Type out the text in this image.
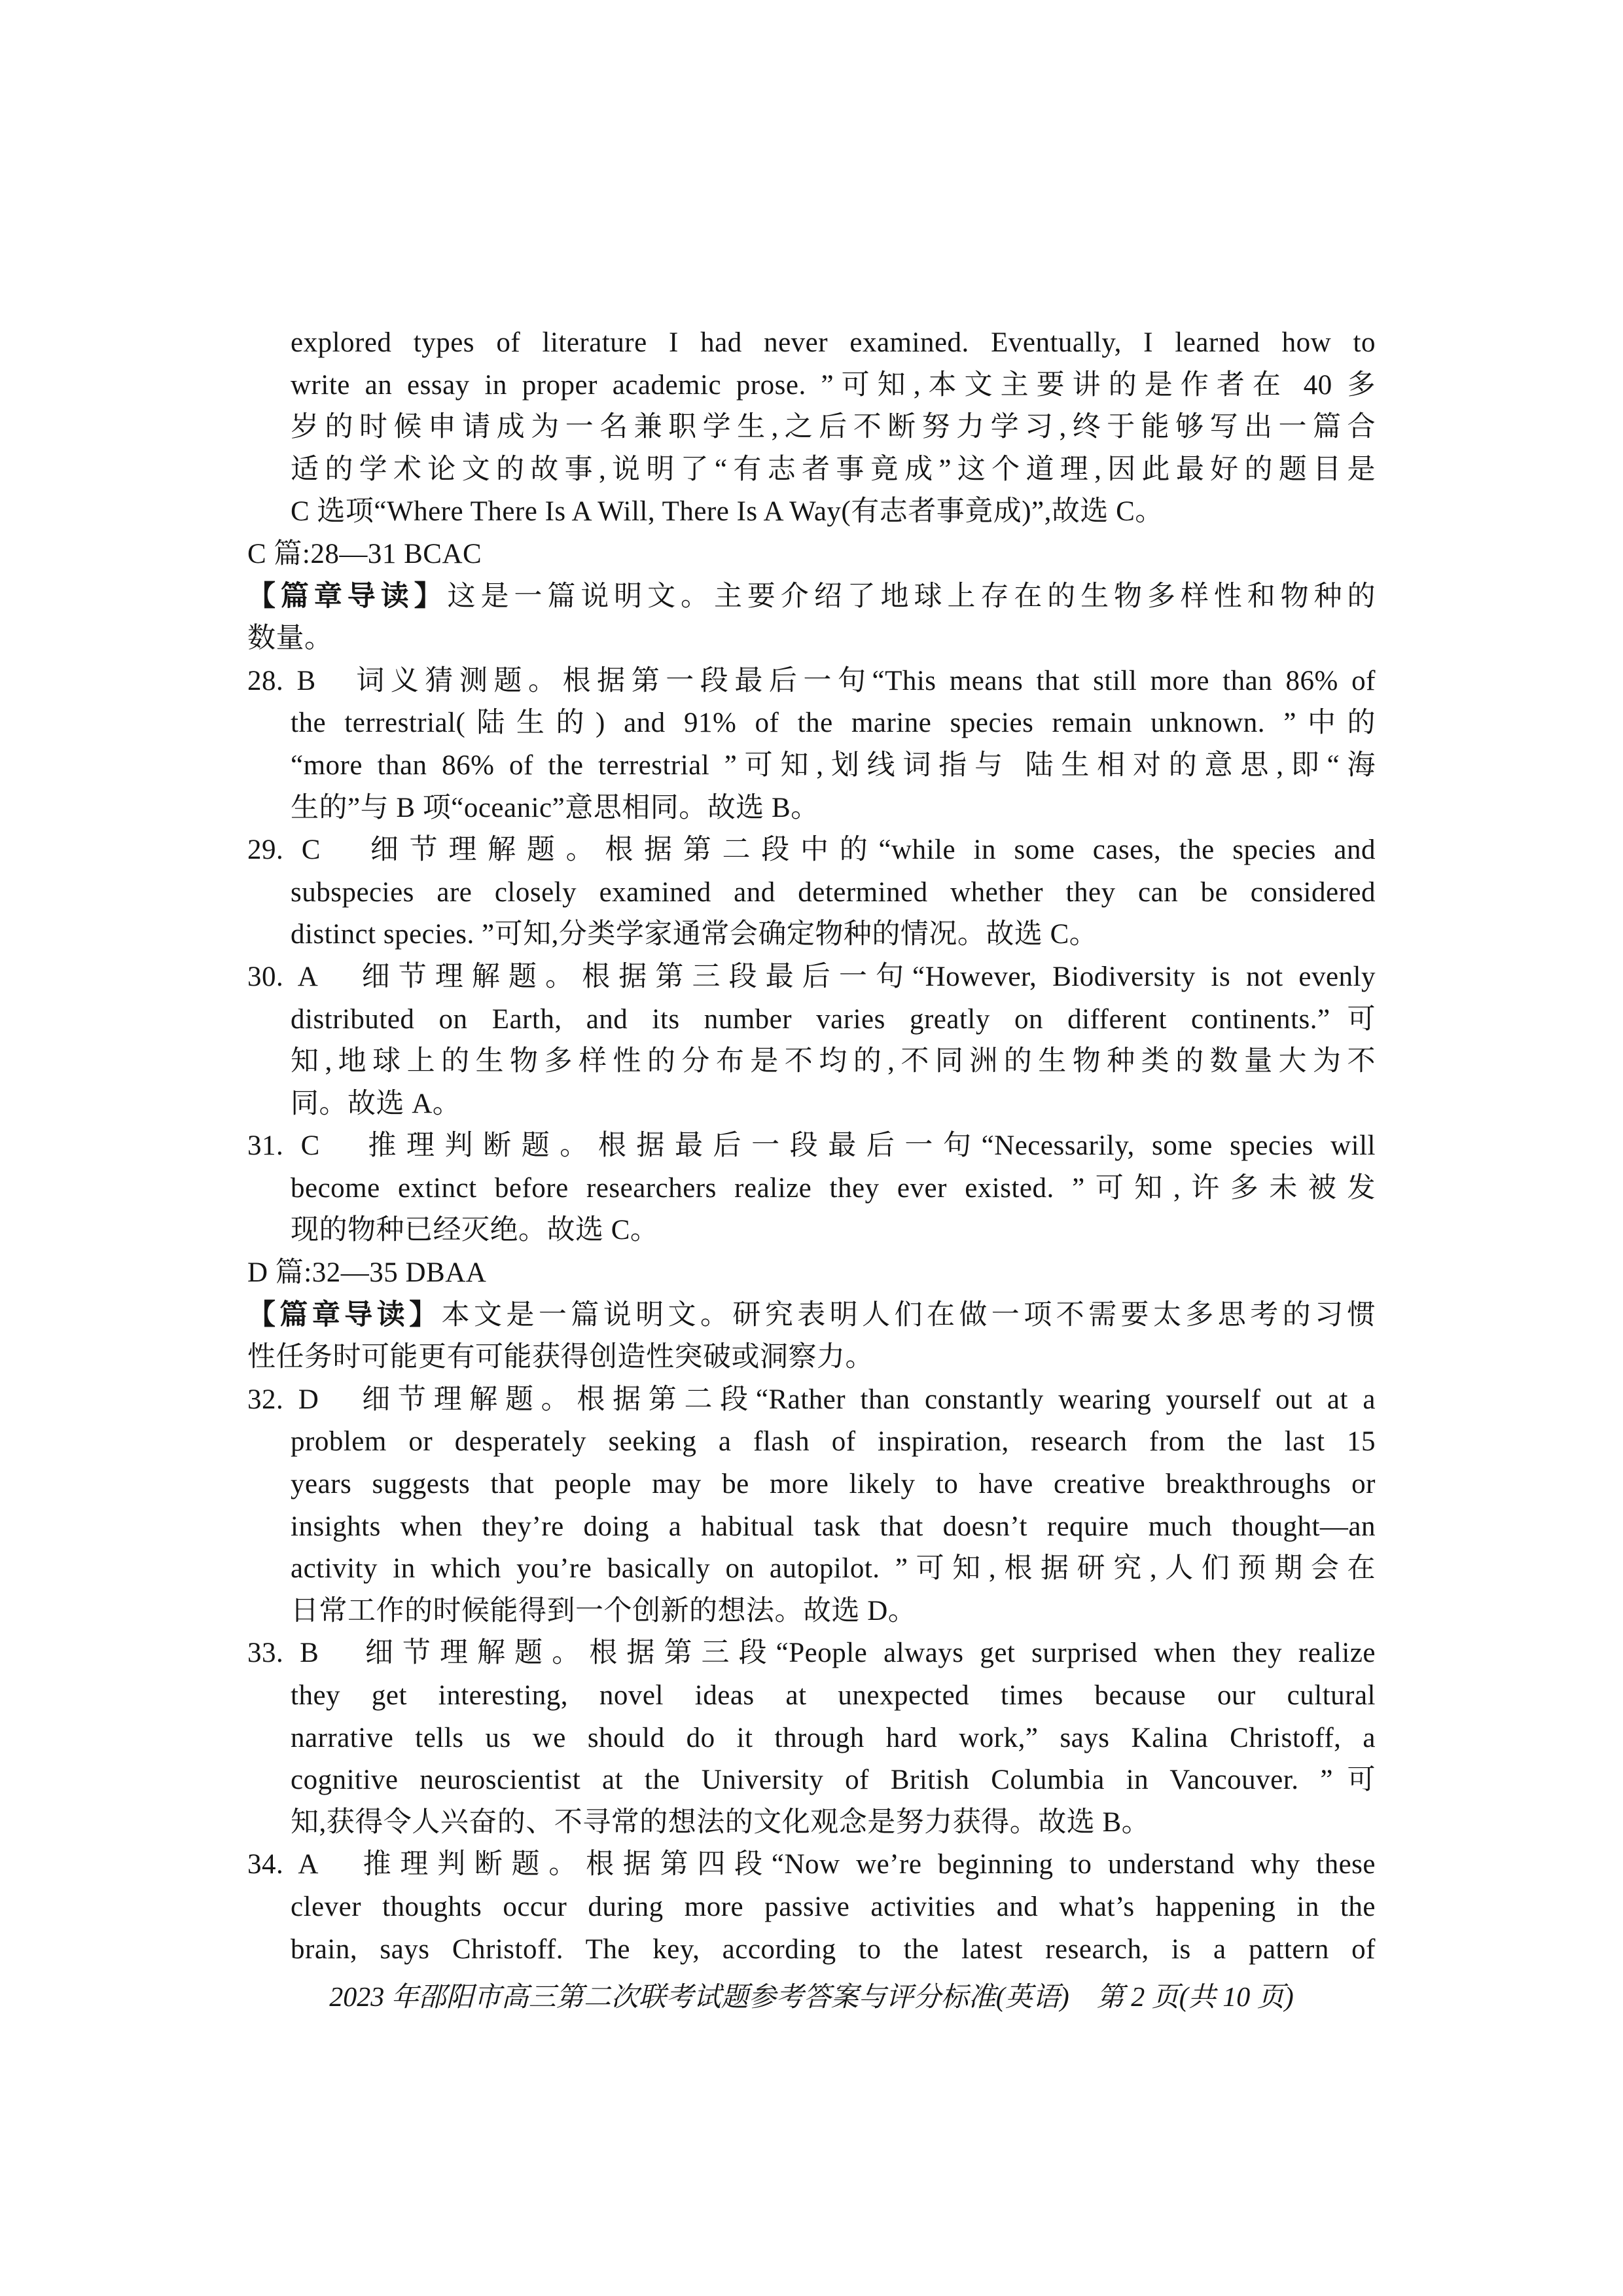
explored types of literature I had never examined. Eventually, I learned how to
write an essay in proper academic prose. ”可知,本文主要讲的是作者在 40 多
岁的时候申请成为一名兼职学生,之后不断努力学习,终于能够写出一篇合
适的学术论文的故事,说明了“有志者事竟成”这个道理,因此最好的题目是
C 选项“Where There Is A Will, There Is A Way(有志者事竟成)”,故选 C。
C 篇:28—31 BCAC
【篇章导读】这是一篇说明文。主要介绍了地球上存在的生物多样性和物种的
数量。
28. B　词义猜测题。根据第一段最后一句“This means that still more than 86% of
the terrestrial(陆生的) and 91% of the marine species remain unknown. ”中的
“more than 86% of the terrestrial ”可知,划线词指与 陆生相对的意思,即“海
生的”与 B 项“oceanic”意思相同。故选 B。
29. C　细节理解题。根据第二段中的“while in some cases, the species and
subspecies are closely examined and determined whether they can be considered
distinct species. ”可知,分类学家通常会确定物种的情况。故选 C。
30. A　细节理解题。根据第三段最后一句“However, Biodiversity is not evenly
distributed on Earth, and its number varies greatly on different continents.”可
知,地球上的生物多样性的分布是不均的,不同洲的生物种类的数量大为不
同。故选 A。
31. C　推理判断题。根据最后一段最后一句“Necessarily, some species will
become extinct before researchers realize they ever existed. ”可知,许多未被发
现的物种已经灭绝。故选 C。
D 篇:32—35 DBAA
【篇章导读】本文是一篇说明文。研究表明人们在做一项不需要太多思考的习惯
性任务时可能更有可能获得创造性突破或洞察力。
32. D　细节理解题。根据第二段“Rather than constantly wearing yourself out at a
problem or desperately seeking a flash of inspiration, research from the last 15
years suggests that people may be more likely to have creative breakthroughs or
insights when they’re doing a habitual task that doesn’t require much thought—an
activity in which you’re basically on autopilot. ”可知,根据研究,人们预期会在
日常工作的时候能得到一个创新的想法。故选 D。
33. B　细节理解题。根据第三段“People always get surprised when they realize
they get interesting, novel ideas at unexpected times because our cultural
narrative tells us we should do it through hard work,” says Kalina Christoff, a
cognitive neuroscientist at the University of British Columbia in Vancouver. ”可
知,获得令人兴奋的、不寻常的想法的文化观念是努力获得。故选 B。
34. A　推理判断题。根据第四段“Now we’re beginning to understand why these
clever thoughts occur during more passive activities and what’s happening in the
brain, says Christoff. The key, according to the latest research, is a pattern of
2023 年邵阳市高三第二次联考试题参考答案与评分标准(英语)　第 2 页(共 10 页)
